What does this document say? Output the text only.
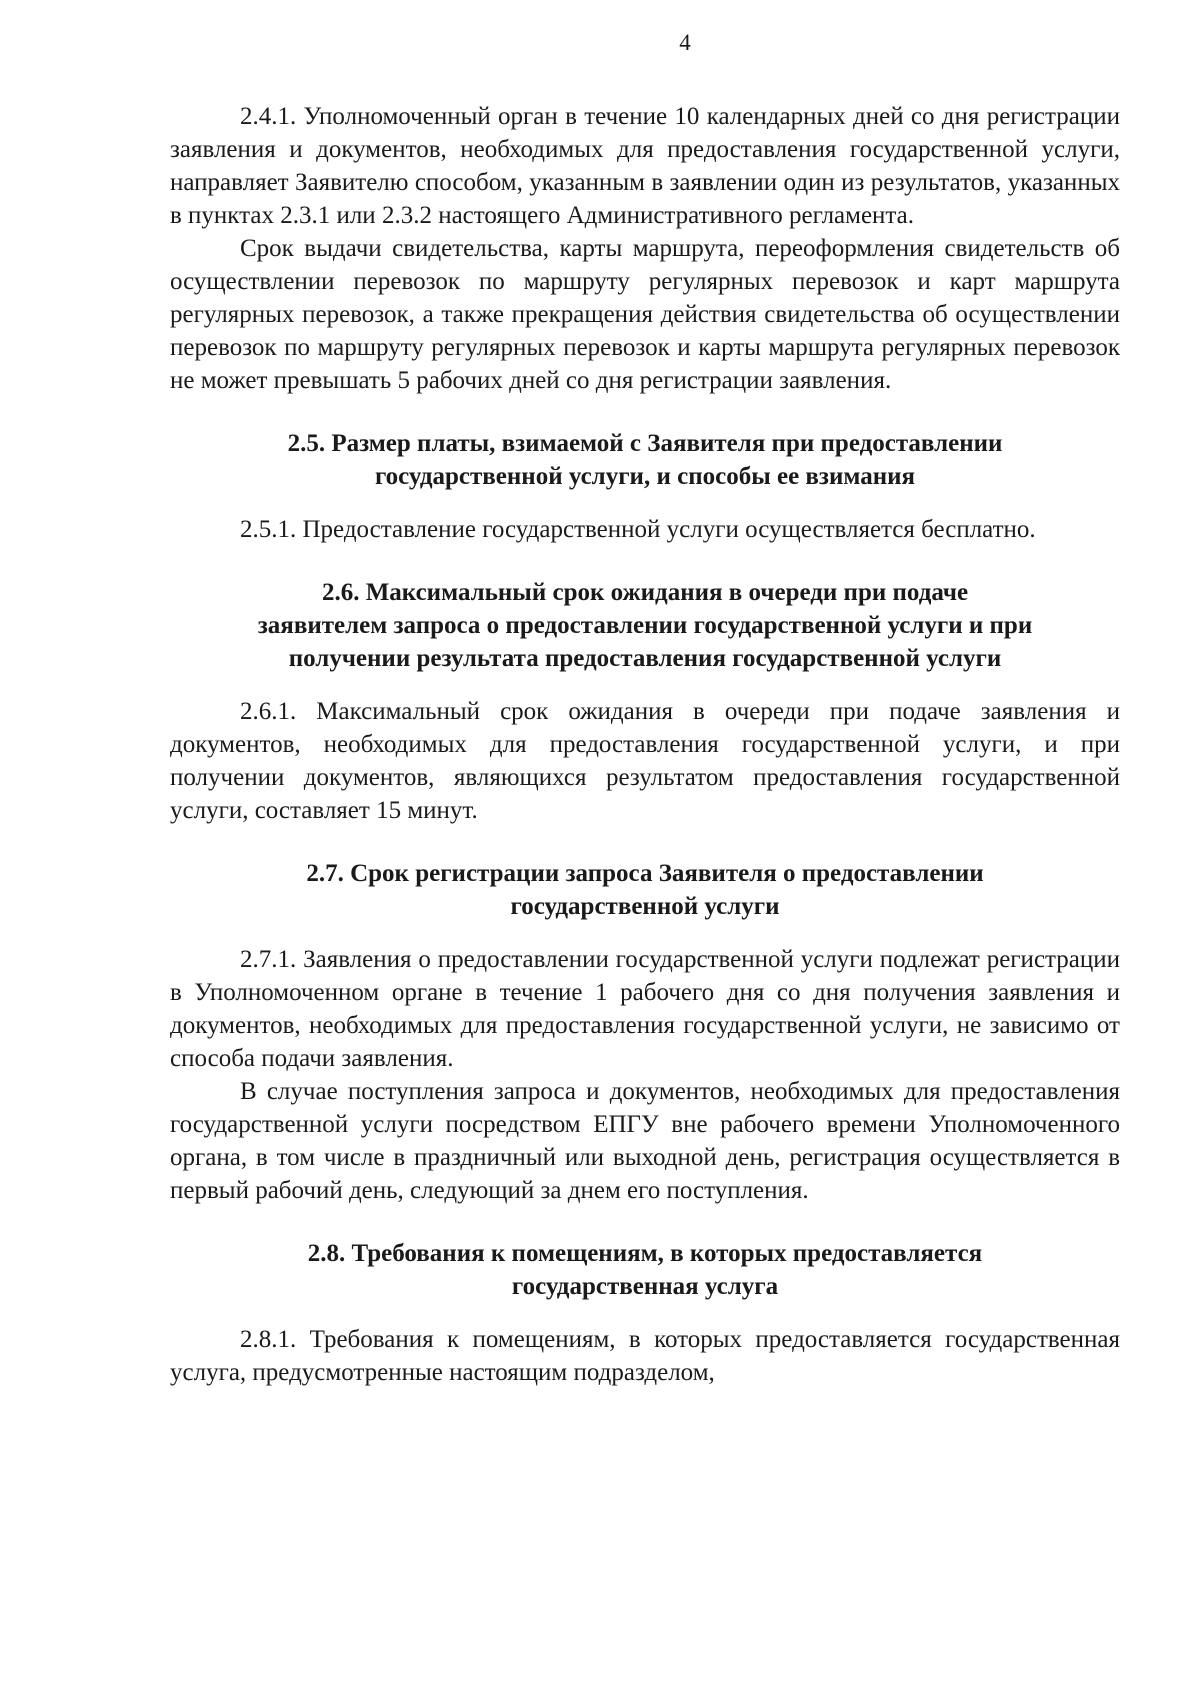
4

2.4.1. Уполномоченный орган в течение 10 календарных дней со дня регистрации заявления и документов, необходимых для предоставления государственной услуги, направляет Заявителю способом, указанным в заявлении один из результатов, указанных в пунктах 2.3.1 или 2.3.2 настоящего Административного регламента.

Срок выдачи свидетельства, карты маршрута, переоформления свидетельств об осуществлении перевозок по маршруту регулярных перевозок и карт маршрута регулярных перевозок, а также прекращения действия свидетельства об осуществлении перевозок по маршруту регулярных перевозок и карты маршрута регулярных перевозок не может превышать 5 рабочих дней со дня регистрации заявления.

2.5. Размер платы, взимаемой с Заявителя при предоставлении
государственной услуги, и способы ее взимания

2.5.1. Предоставление государственной услуги осуществляется бесплатно.

2.6. Максимальный срок ожидания в очереди при подаче
заявителем запроса о предоставлении государственной услуги и при
получении результата предоставления государственной услуги

2.6.1. Максимальный срок ожидания в очереди при подаче заявления и документов, необходимых для предоставления государственной услуги, и при получении документов, являющихся результатом предоставления государственной услуги, составляет 15 минут.

2.7. Срок регистрации запроса Заявителя о предоставлении
государственной услуги

2.7.1. Заявления о предоставлении государственной услуги подлежат регистрации в Уполномоченном органе в течение 1 рабочего дня со дня получения заявления и документов, необходимых для предоставления государственной услуги, не зависимо от способа подачи заявления.

В случае поступления запроса и документов, необходимых для предоставления государственной услуги посредством ЕПГУ вне рабочего времени Уполномоченного органа, в том числе в праздничный или выходной день, регистрация осуществляется в первый рабочий день, следующий за днем его поступления.

2.8. Требования к помещениям, в которых предоставляется
государственная услуга

2.8.1. Требования к помещениям, в которых предоставляется государственная услуга, предусмотренные настоящим подразделом,
